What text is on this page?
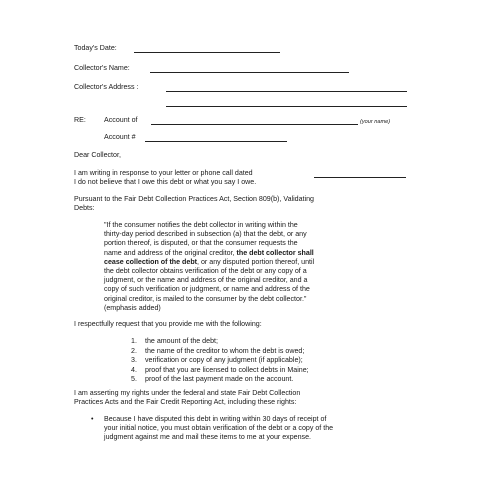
Today's Date:
Collector's Name:
Collector's Address :
RE:	Account of	(your name)
Account #
Dear Collector,
I am writing in response to your letter or phone call dated
I do not believe that I owe this debt or what you say I owe.
Pursuant to the Fair Debt Collection Practices Act, Section 809(b), Validating
Debts:
"If the consumer notifies the debt collector in writing within the
thirty-day period described in subsection (a) that the debt, or any
portion thereof, is disputed, or that the consumer requests the
name and address of the original creditor, the debt collector shall
cease collection of the debt, or any disputed portion thereof, until
the debt collector obtains verification of the debt or any copy of a
judgment, or the name and address of the original creditor, and a
copy of such verification or judgment, or name and address of the
original creditor, is mailed to the consumer by the debt collector."
(emphasis added)
I respectfully request that you provide me with the following:
1. the amount of the debt;
2. the name of the creditor to whom the debt is owed;
3. verification or copy of any judgment (if applicable);
4. proof that you are licensed to collect debts in Maine;
5. proof of the last payment made on the account.
I am asserting my rights under the federal and state Fair Debt Collection
Practices Acts and the Fair Credit Reporting Act, including these rights:
• Because I have disputed this debt in writing within 30 days of receipt of
your initial notice, you must obtain verification of the debt or a copy of the
judgment against me and mail these items to me at your expense.
